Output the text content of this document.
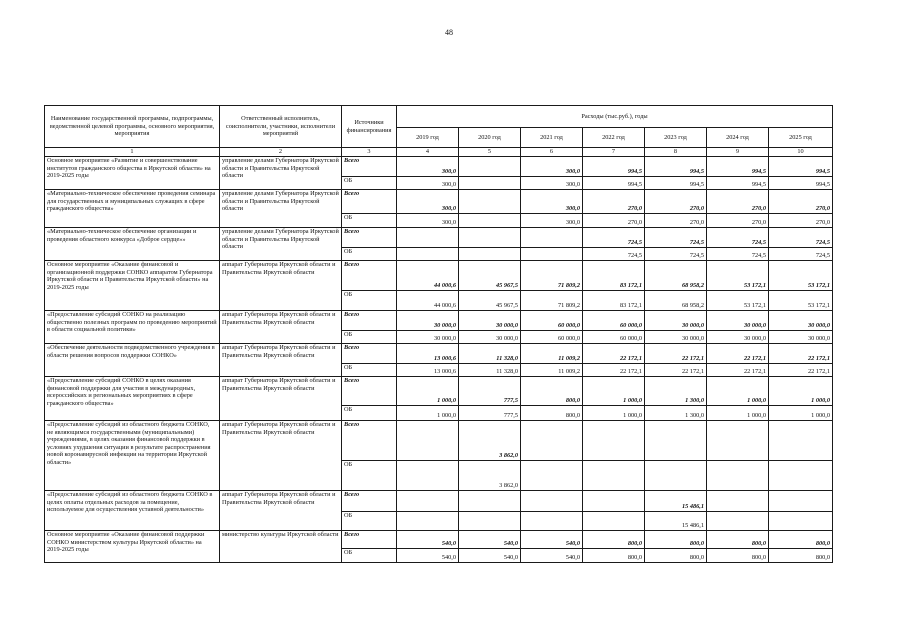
48
Наименование государственной программы, подпрограммы, ведомственной целевой программы, основного мероприятия, мероприятия	Ответственный исполнитель, соисполнители, участники, исполнители мероприятий	Источники финансирования	Расходы (тыс.руб.), годы						
			2019 год	2020 год	2021 год	2022 год	2023 год	2024 год	2025 год
1	2	3	4	5	6	7	8	9	10
Основное мероприятие «Развитие и совершенствование институтов гражданского общества в Иркутской области» на 2019-2025 годы	управление делами Губернатора Иркутской области и Правительства Иркутской области	Всего	300,0		300,0	994,5	994,5	994,5	994,5
		ОБ	300,0		300,0	994,5	994,5	994,5	994,5
«Материально-техническое обеспечение проведения семинара для государственных и муниципальных служащих в сфере гражданского общества»	управление делами Губернатора Иркутской области и Правительства Иркутской области	Всего	300,0		300,0	270,0	270,0	270,0	270,0
		ОБ	300,0		300,0	270,0	270,0	270,0	270,0
«Материально-техническое обеспечение организации и проведения областного конкурса «Доброе сердце»»	управление делами Губернатора Иркутской области и Правительства Иркутской области	Всего				724,5	724,5	724,5	724,5
		ОБ				724,5	724,5	724,5	724,5
Основное мероприятие «Оказание финансовой и организационной поддержки СОНКО аппаратом Губернатора Иркутской области и Правительства Иркутской области» на 2019-2025 годы	аппарат Губернатора Иркутской области и Правительства Иркутской области	Всего	44 000,6	45 967,5	71 809,2	83 172,1	68 958,2	53 172,1	53 172,1
		ОБ	44 000,6	45 967,5	71 809,2	83 172,1	68 958,2	53 172,1	53 172,1
«Предоставление субсидий СОНКО на реализацию общественно полезных программ по проведению мероприятий в области социальной политики»	аппарат Губернатора Иркутской области и Правительства Иркутской области	Всего	30 000,0	30 000,0	60 000,0	60 000,0	30 000,0	30 000,0	30 000,0
		ОБ	30 000,0	30 000,0	60 000,0	60 000,0	30 000,0	30 000,0	30 000,0
«Обеспечение деятельности подведомственного учреждения в области решения вопросов поддержки СОНКО»	аппарат Губернатора Иркутской области и Правительства Иркутской области	Всего	13 000,6	11 328,0	11 009,2	22 172,1	22 172,1	22 172,1	22 172,1
		ОБ	13 000,6	11 328,0	11 009,2	22 172,1	22 172,1	22 172,1	22 172,1
«Предоставление субсидий СОНКО в целях оказания финансовой поддержки для участия в международных, всероссийских и региональных мероприятиях в сфере гражданского общества»	аппарат Губернатора Иркутской области и Правительства Иркутской области	Всего	1 000,0	777,5	800,0	1 000,0	1 300,0	1 000,0	1 000,0
		ОБ	1 000,0	777,5	800,0	1 000,0	1 300,0	1 000,0	1 000,0
«Предоставление субсидий из областного бюджета СОНКО, не являющимся государственными (муниципальными) учреждениями, в целях оказания финансовой поддержки в условиях ухудшения ситуации в результате распространения новой коронавирусной инфекции на территории Иркутской области»	аппарат Губернатора Иркутской области и Правительства Иркутской области	Всего		3 862,0					
		ОБ		3 862,0					
«Предоставление субсидий из областного бюджета СОНКО в целях оплаты отдельных расходов за помещение, используемое для осуществления уставной деятельности»	аппарат Губернатора Иркутской области и Правительства Иркутской области	Всего					15 486,1		
		ОБ					15 486,1		
Основное мероприятие «Оказание финансовой поддержки СОНКО министерством культуры Иркутской области» на 2019-2025 годы	министерство культуры Иркутской области	Всего	540,0	540,0	540,0	800,0	800,0	800,0	800,0
		ОБ	540,0	540,0	540,0	800,0	800,0	800,0	800,0
